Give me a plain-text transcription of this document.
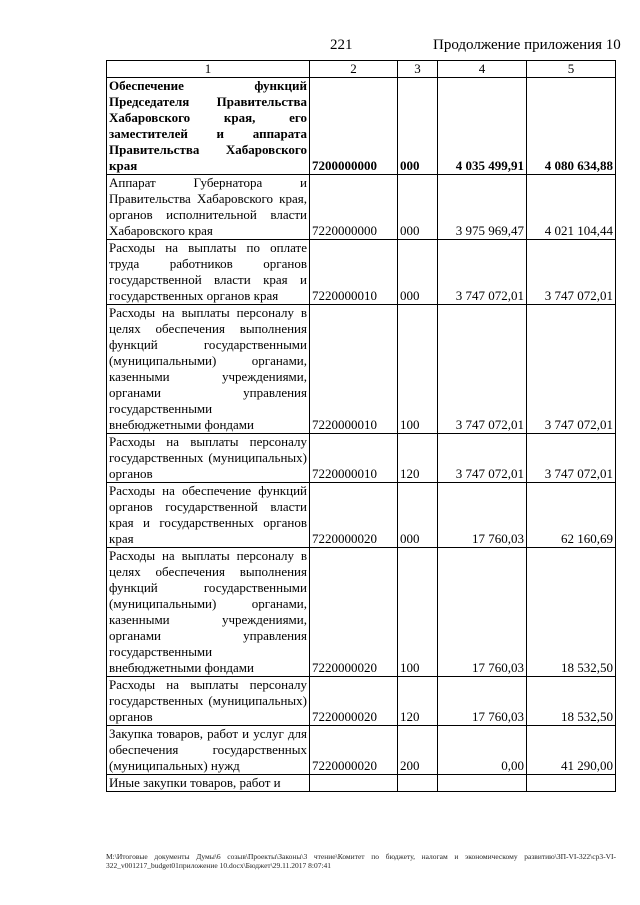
221	Продолжение приложения 10
1	2	3	4	5
Обеспечение функций Председателя Правительства Хабаровского края, его заместителей и аппарата Правительства Хабаровского края	7200000000	000	4 035 499,91	4 080 634,88
Аппарат Губернатора и Правительства Хабаровского края, органов исполнительной власти Хабаровского края	7220000000	000	3 975 969,47	4 021 104,44
Расходы на выплаты по оплате труда работников органов государственной власти края и государственных органов края	7220000010	000	3 747 072,01	3 747 072,01
Расходы на выплаты персоналу в целях обеспечения выполнения функций государственными (муниципальными) органами, казенными учреждениями, органами управления государственными внебюджетными фондами	7220000010	100	3 747 072,01	3 747 072,01
Расходы на выплаты персоналу государственных (муниципальных) органов	7220000010	120	3 747 072,01	3 747 072,01
Расходы на обеспечение функций органов государственной власти края и государственных органов края	7220000020	000	17 760,03	62 160,69
Расходы на выплаты персоналу в целях обеспечения выполнения функций государственными (муниципальными) органами, казенными учреждениями, органами управления государственными внебюджетными фондами	7220000020	100	17 760,03	18 532,50
Расходы на выплаты персоналу государственных (муниципальных) органов	7220000020	120	17 760,03	18 532,50
Закупка товаров, работ и услуг для обеспечения государственных (муниципальных) нужд	7220000020	200	0,00	41 290,00
Иные закупки товаров, работ и				
M:\Итоговые документы Думы\6 созыв\Проекты\Законы\3 чтение\Комитет по бюджету, налогам и экономическому развитию\ЗП-VI-322\ср3-VI-322_v001217_budget01приложение 10.docx\Бюджет\29.11.2017 8:07:41
